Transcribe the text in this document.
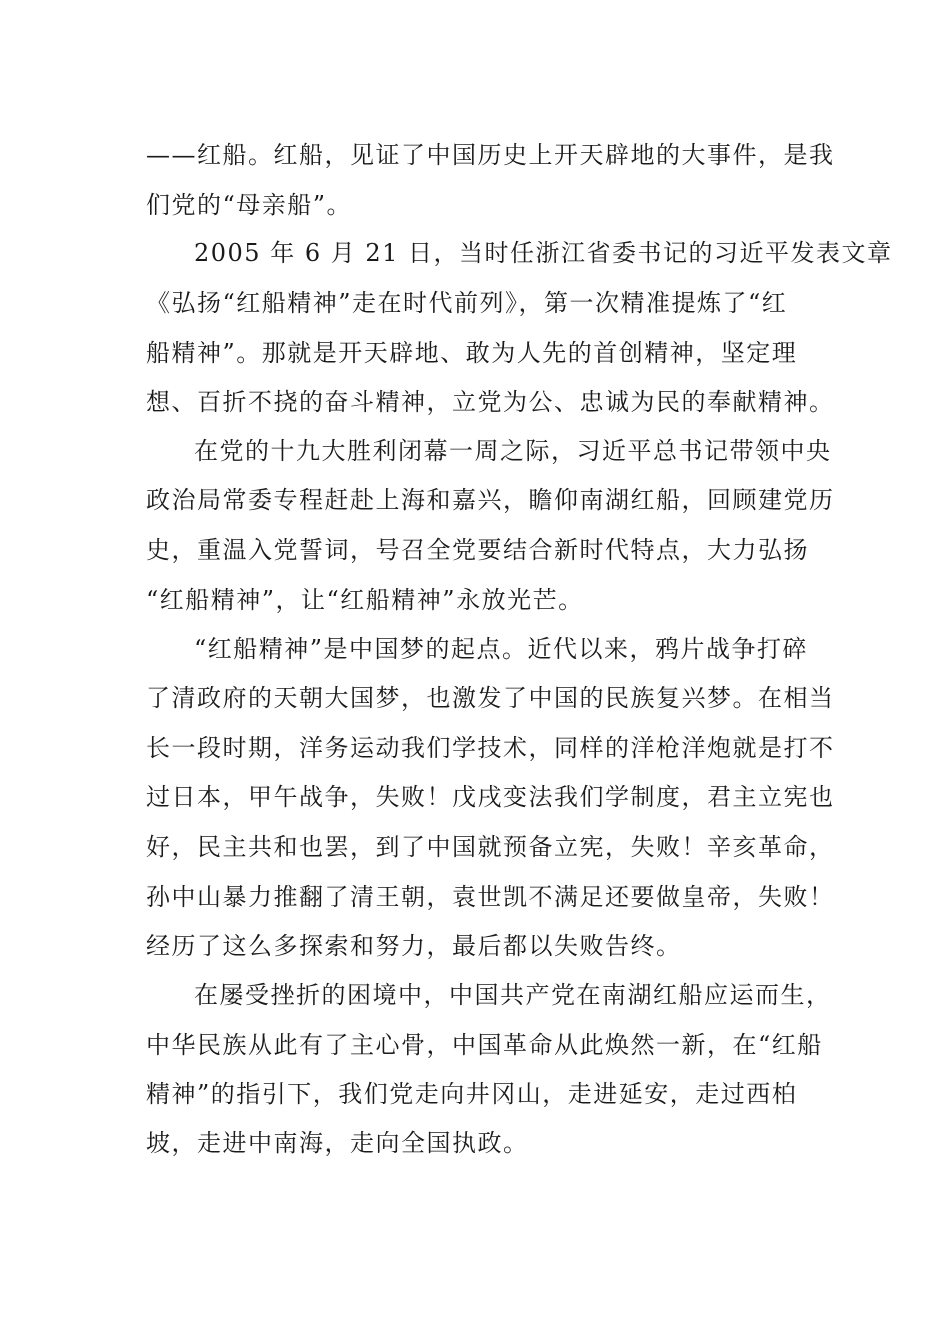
——红船。红船，见证了中国历史上开天辟地的大事件，是我

们党的“母亲船”。

2005 年 6 月 21 日，当时任浙江省委书记的习近平发表文章

《弘扬“红船精神”走在时代前列》，第一次精准提炼了“红

船精神”。那就是开天辟地、敢为人先的首创精神，坚定理

想、百折不挠的奋斗精神，立党为公、忠诚为民的奉献精神。

在党的十九大胜利闭幕一周之际，习近平总书记带领中央

政治局常委专程赶赴上海和嘉兴，瞻仰南湖红船，回顾建党历

史，重温入党誓词，号召全党要结合新时代特点，大力弘扬

“红船精神”，让“红船精神”永放光芒。

“红船精神”是中国梦的起点。近代以来，鸦片战争打碎

了清政府的天朝大国梦，也激发了中国的民族复兴梦。在相当

长一段时期，洋务运动我们学技术，同样的洋枪洋炮就是打不

过日本，甲午战争，失败！戊戌变法我们学制度，君主立宪也

好，民主共和也罢，到了中国就预备立宪，失败！辛亥革命，

孙中山暴力推翻了清王朝，袁世凯不满足还要做皇帝，失败！

经历了这么多探索和努力，最后都以失败告终。

在屡受挫折的困境中，中国共产党在南湖红船应运而生，

中华民族从此有了主心骨，中国革命从此焕然一新，在“红船

精神”的指引下，我们党走向井冈山，走进延安，走过西柏

坡，走进中南海，走向全国执政。
